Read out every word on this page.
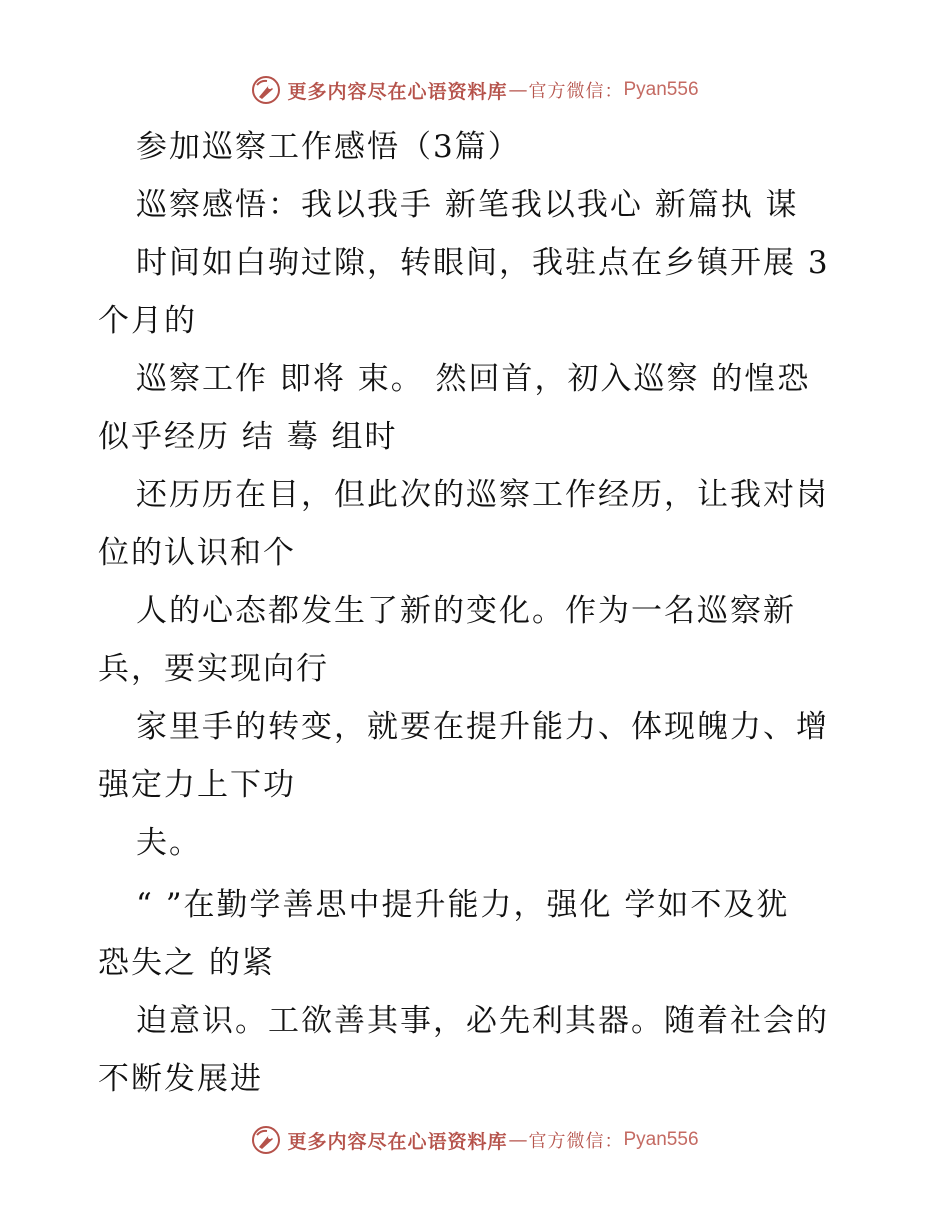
更多内容尽在心语资料库 — 官方微信： Pyan556
参加巡察工作感悟（3篇）
巡察感悟：我以我手 新笔我以我心 新篇执 谋
时间如白驹过隙，转眼间，我驻点在乡镇开展 3
个月的
巡察工作 即将 束。 然回首，初入巡察 的惶恐
似乎经历 结 蓦 组时
还历历在目，但此次的巡察工作经历，让我对岗
位的认识和个
人的心态都发生了新的变化。作为一名巡察新
兵，要实现向行
家里手的转变，就要在提升能力、体现魄力、增
强定力上下功
夫。
“ ”在勤学善思中提升能力，强化 学如不及犹
恐失之 的紧
迫意识。工欲善其事，必先利其器。随着社会的
不断发展进
更多内容尽在心语资料库 — 官方微信： Pyan556
